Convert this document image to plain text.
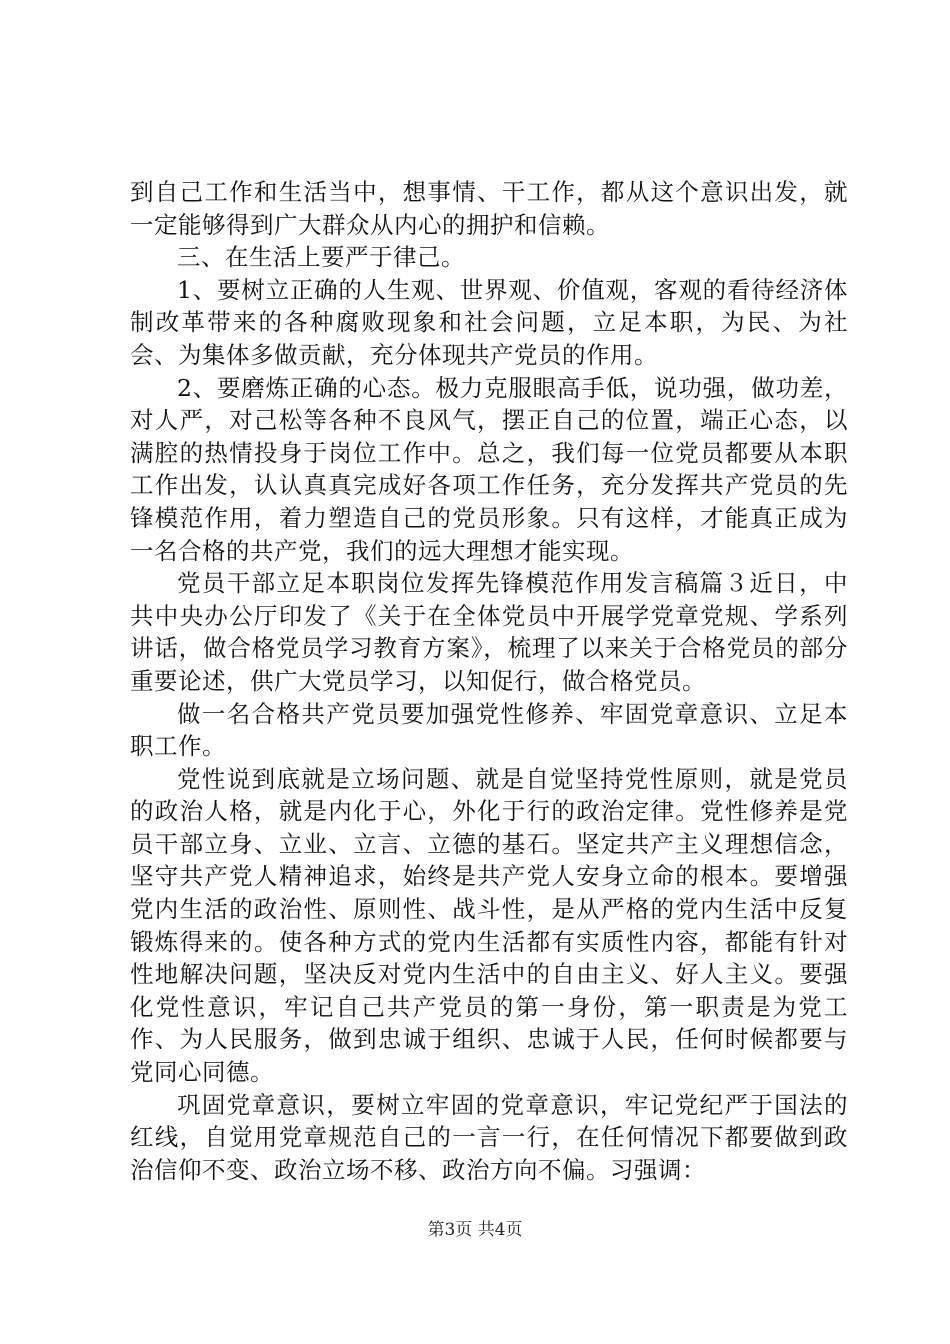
到自己工作和生活当中，想事情、干工作，都从这个意识出发，就一定能够得到广大群众从内心的拥护和信赖。

三、在生活上要严于律己。

1、要树立正确的人生观、世界观、价值观，客观的看待经济体制改革带来的各种腐败现象和社会问题，立足本职，为民、为社会、为集体多做贡献，充分体现共产党员的作用。

2、要磨炼正确的心态。极力克服眼高手低，说功强，做功差，对人严，对己松等各种不良风气，摆正自己的位置，端正心态，以满腔的热情投身于岗位工作中。总之，我们每一位党员都要从本职工作出发，认认真真完成好各项工作任务，充分发挥共产党员的先锋模范作用，着力塑造自己的党员形象。只有这样，才能真正成为一名合格的共产党，我们的远大理想才能实现。

党员干部立足本职岗位发挥先锋模范作用发言稿篇３近日，中共中央办公厅印发了《关于在全体党员中开展学党章党规、学系列讲话，做合格党员学习教育方案》，梳理了以来关于合格党员的部分重要论述，供广大党员学习，以知促行，做合格党员。

做一名合格共产党员要加强党性修养、牢固党章意识、立足本职工作。

党性说到底就是立场问题、就是自觉坚持党性原则，就是党员的政治人格，就是内化于心，外化于行的政治定律。党性修养是党员干部立身、立业、立言、立德的基石。坚定共产主义理想信念，坚守共产党人精神追求，始终是共产党人安身立命的根本。要增强党内生活的政治性、原则性、战斗性，是从严格的党内生活中反复锻炼得来的。使各种方式的党内生活都有实质性内容，都能有针对性地解决问题，坚决反对党内生活中的自由主义、好人主义。要强化党性意识，牢记自己共产党员的第一身份，第一职责是为党工作、为人民服务，做到忠诚于组织、忠诚于人民，任何时候都要与党同心同德。

巩固党章意识，要树立牢固的党章意识，牢记党纪严于国法的红线，自觉用党章规范自己的一言一行，在任何情况下都要做到政治信仰不变、政治立场不移、政治方向不偏。习强调：

第3页 共4页
